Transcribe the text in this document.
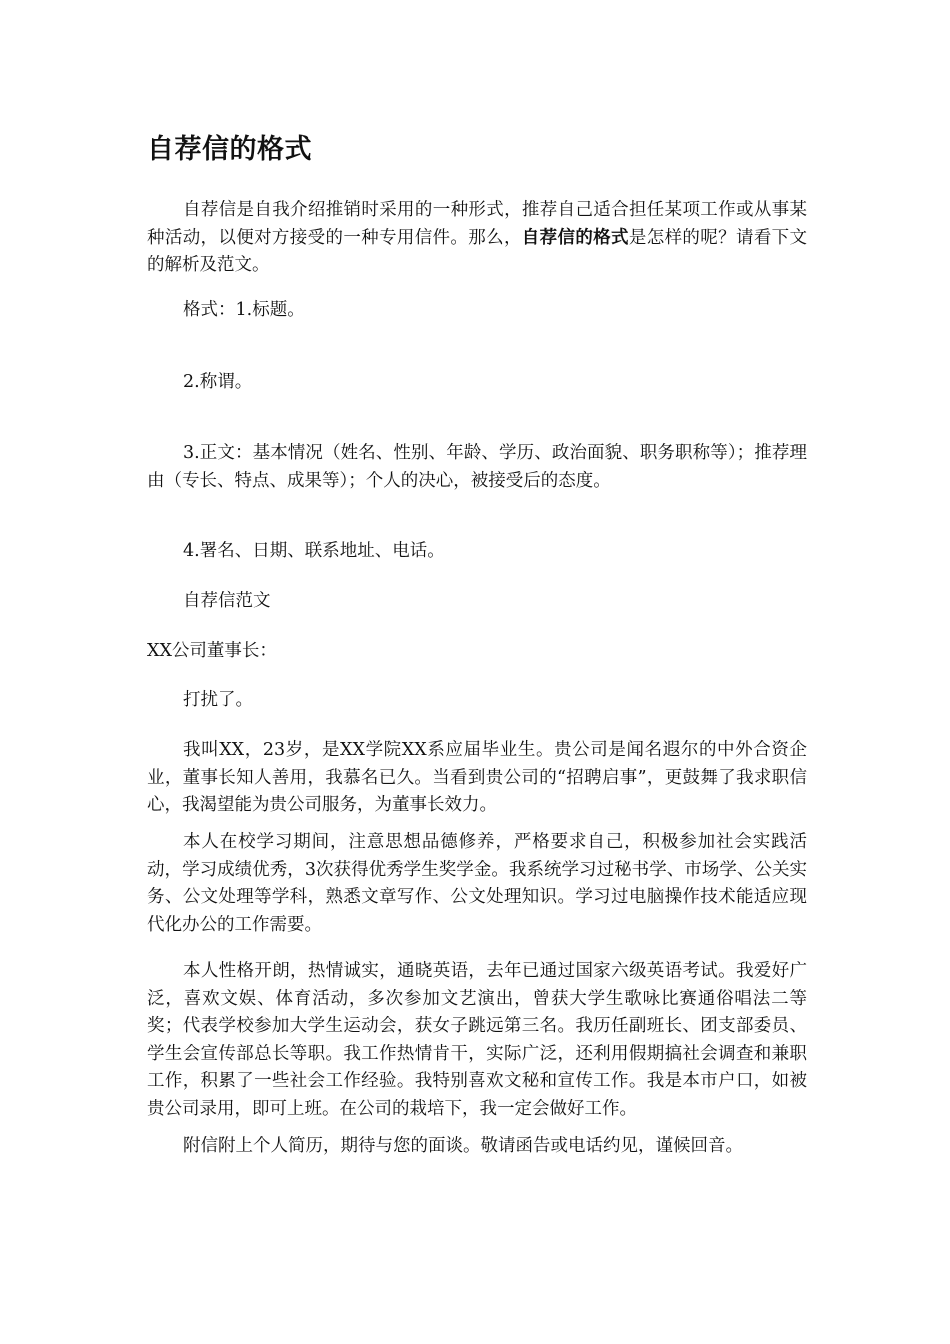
自荐信的格式

自荐信是自我介绍推销时采用的一种形式，推荐自己适合担任某项工作或从事某种活动，以便对方接受的一种专用信件。那么，自荐信的格式是怎样的呢？请看下文的解析及范文。

格式：1.标题。

2.称谓。

3.正文：基本情况（姓名、性别、年龄、学历、政治面貌、职务职称等）；推荐理由（专长、特点、成果等）；个人的决心，被接受后的态度。

4.署名、日期、联系地址、电话。

自荐信范文

XX公司董事长：

打扰了。

我叫XX，23岁，是XX学院XX系应届毕业生。贵公司是闻名遐尔的中外合资企业，董事长知人善用，我慕名已久。当看到贵公司的“招聘启事”，更鼓舞了我求职信心，我渴望能为贵公司服务，为董事长效力。

本人在校学习期间，注意思想品德修养，严格要求自己，积极参加社会实践活动，学习成绩优秀，3次获得优秀学生奖学金。我系统学习过秘书学、市场学、公关实务、公文处理等学科，熟悉文章写作、公文处理知识。学习过电脑操作技术能适应现代化办公的工作需要。

本人性格开朗，热情诚实，通晓英语，去年已通过国家六级英语考试。我爱好广泛，喜欢文娱、体育活动，多次参加文艺演出，曾获大学生歌咏比赛通俗唱法二等奖；代表学校参加大学生运动会，获女子跳远第三名。我历任副班长、团支部委员、学生会宣传部总长等职。我工作热情肯干，实际广泛，还利用假期搞社会调查和兼职工作，积累了一些社会工作经验。我特别喜欢文秘和宣传工作。我是本市户口，如被贵公司录用，即可上班。在公司的栽培下，我一定会做好工作。

附信附上个人简历，期待与您的面谈。敬请函告或电话约见，谨候回音。
